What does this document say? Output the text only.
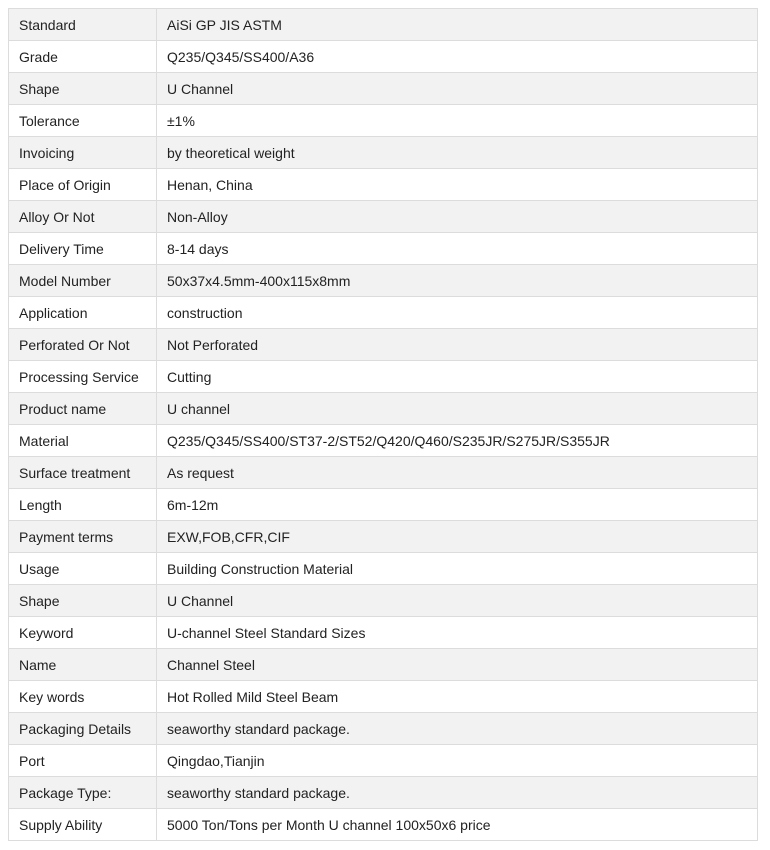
Standard	AiSi GP JIS ASTM
Grade	Q235/Q345/SS400/A36
Shape	U Channel
Tolerance	±1%
Invoicing	by theoretical weight
Place of Origin	Henan, China
Alloy Or Not	Non-Alloy
Delivery Time	8-14 days
Model Number	50x37x4.5mm-400x115x8mm
Application	construction
Perforated Or Not	Not Perforated
Processing Service	Cutting
Product name	U channel
Material	Q235/Q345/SS400/ST37-2/ST52/Q420/Q460/S235JR/S275JR/S355JR
Surface treatment	As request
Length	6m-12m
Payment terms	EXW,FOB,CFR,CIF
Usage	Building Construction Material
Shape	U Channel
Keyword	U-channel Steel Standard Sizes
Name	Channel Steel
Key words	Hot Rolled Mild Steel Beam
Packaging Details	seaworthy standard package.
Port	Qingdao,Tianjin
Package Type:	seaworthy standard package.
Supply Ability	5000 Ton/Tons per Month U channel 100x50x6 price
